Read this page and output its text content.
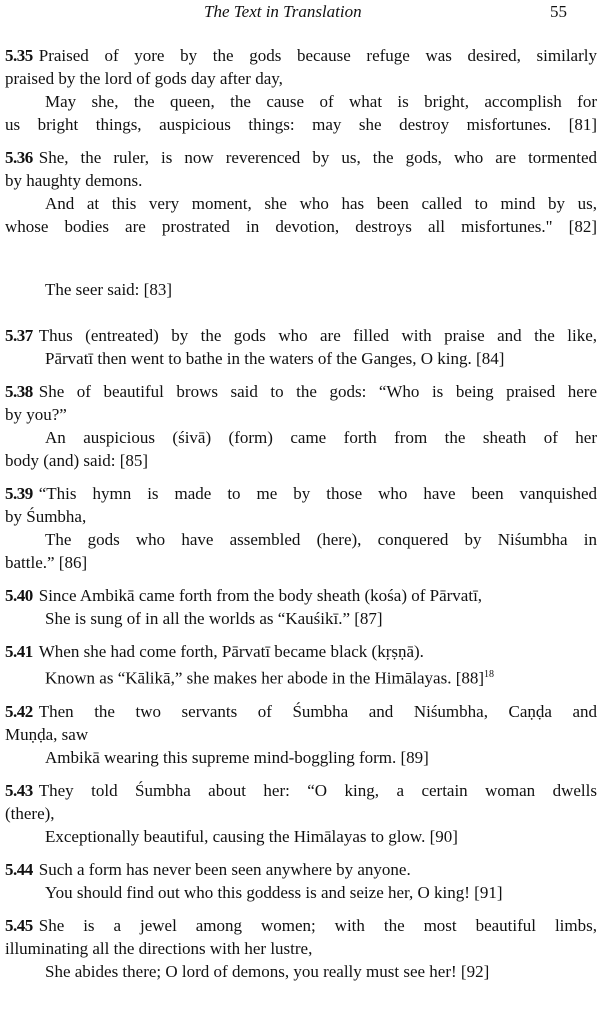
The Text in Translation	55
5.35 Praised of yore by the gods because refuge was desired, similarly
praised by the lord of gods day after day,
May she, the queen, the cause of what is bright, accomplish for
us bright things, auspicious things: may she destroy misfortunes. [81]
5.36 She, the ruler, is now reverenced by us, the gods, who are tormented
by haughty demons.
And at this very moment, she who has been called to mind by us,
whose bodies are prostrated in devotion, destroys all misfortunes." [82]
The seer said: [83]
5.37 Thus (entreated) by the gods who are filled with praise and the like,
Pārvatī then went to bathe in the waters of the Ganges, O king. [84]
5.38 She of beautiful brows said to the gods: “Who is being praised here
by you?”
An auspicious (śivā) (form) came forth from the sheath of her
body (and) said: [85]
5.39 “This hymn is made to me by those who have been vanquished
by Śumbha,
The gods who have assembled (here), conquered by Niśumbha in
battle.” [86]
5.40 Since Ambikā came forth from the body sheath (kośa) of Pārvatī,
She is sung of in all the worlds as “Kauśikī.” [87]
5.41 When she had come forth, Pārvatī became black (kṛṣṇā).
Known as “Kālikā,” she makes her abode in the Himālayas. $[88]^{18}$
5.42 Then the two servants of Śumbha and Niśumbha, Caṇḍa and
Muṇḍa, saw
Ambikā wearing this supreme mind-boggling form. [89]
5.43 They told Śumbha about her: “O king, a certain woman dwells
(there),
Exceptionally beautiful, causing the Himālayas to glow. [90]
5.44 Such a form has never been seen anywhere by anyone.
You should find out who this goddess is and seize her, O king! [91]
5.45 She is a jewel among women; with the most beautiful limbs,
illuminating all the directions with her lustre,
She abides there; O lord of demons, you really must see her! [92]
